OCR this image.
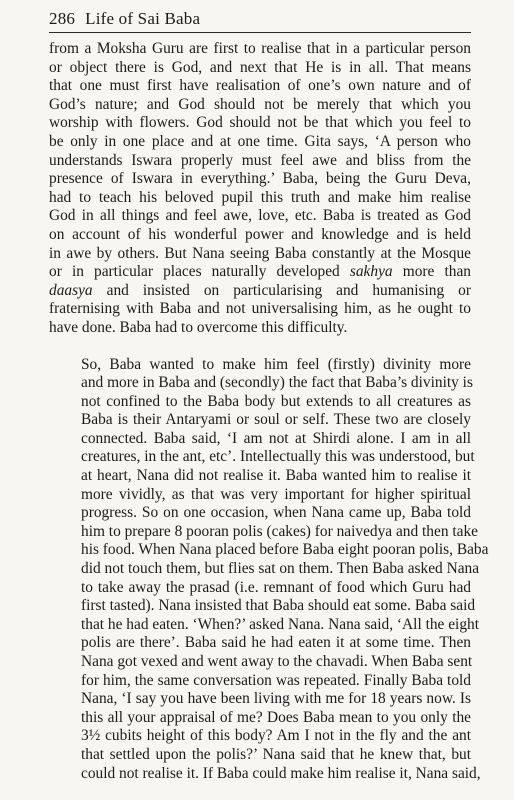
286 Life of Sai Baba
from a Moksha Guru are first to realise that in a particular person
or object there is God, and next that He is in all. That means
that one must first have realisation of one’s own nature and of
God’s nature; and God should not be merely that which you
worship with flowers. God should not be that which you feel to
be only in one place and at one time. Gita says, ‘A person who
understands Iswara properly must feel awe and bliss from the
presence of Iswara in everything.’ Baba, being the Guru Deva,
had to teach his beloved pupil this truth and make him realise
God in all things and feel awe, love, etc. Baba is treated as God
on account of his wonderful power and knowledge and is held
in awe by others. But Nana seeing Baba constantly at the Mosque
or in particular places naturally developed sakhya more than
daasya and insisted on particularising and humanising or
fraternising with Baba and not universalising him, as he ought to
have done. Baba had to overcome this difficulty.
So, Baba wanted to make him feel (firstly) divinity more
and more in Baba and (secondly) the fact that Baba’s divinity is
not confined to the Baba body but extends to all creatures as
Baba is their Antaryami or soul or self. These two are closely
connected. Baba said, ‘I am not at Shirdi alone. I am in all
creatures, in the ant, etc’. Intellectually this was understood, but
at heart, Nana did not realise it. Baba wanted him to realise it
more vividly, as that was very important for higher spiritual
progress. So on one occasion, when Nana came up, Baba told
him to prepare 8 pooran polis (cakes) for naivedya and then take
his food. When Nana placed before Baba eight pooran polis, Baba
did not touch them, but flies sat on them. Then Baba asked Nana
to take away the prasad (i.e. remnant of food which Guru had
first tasted). Nana insisted that Baba should eat some. Baba said
that he had eaten. ‘When?’ asked Nana. Nana said, ‘All the eight
polis are there’. Baba said he had eaten it at some time. Then
Nana got vexed and went away to the chavadi. When Baba sent
for him, the same conversation was repeated. Finally Baba told
Nana, ‘I say you have been living with me for 18 years now. Is
this all your appraisal of me? Does Baba mean to you only the
3½ cubits height of this body? Am I not in the fly and the ant
that settled upon the polis?’ Nana said that he knew that, but
could not realise it. If Baba could make him realise it, Nana said,
